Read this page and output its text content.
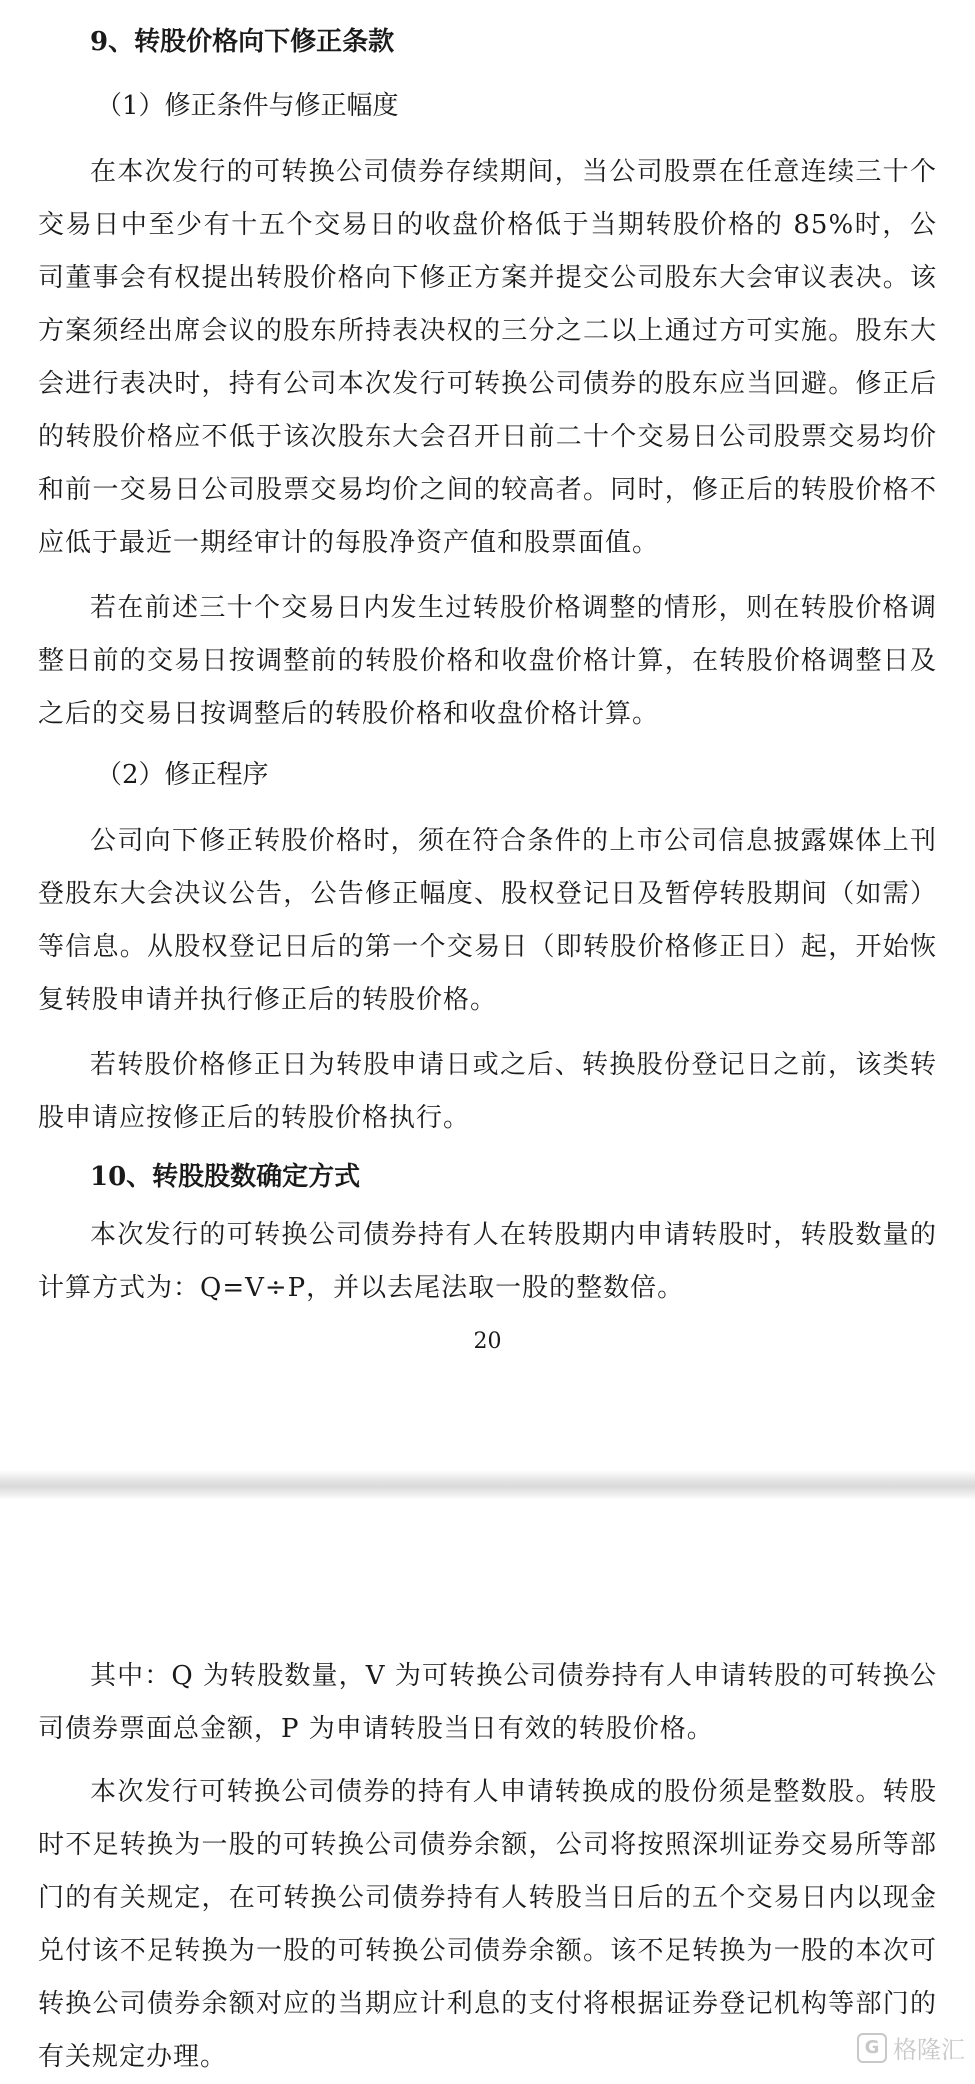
9、转股价格向下修正条款

（1）修正条件与修正幅度

在本次发行的可转换公司债券存续期间，当公司股票在任意连续三十个交易日中至少有十五个交易日的收盘价格低于当期转股价格的 85%时，公司董事会有权提出转股价格向下修正方案并提交公司股东大会审议表决。该方案须经出席会议的股东所持表决权的三分之二以上通过方可实施。股东大会进行表决时，持有公司本次发行可转换公司债券的股东应当回避。修正后的转股价格应不低于该次股东大会召开日前二十个交易日公司股票交易均价和前一交易日公司股票交易均价之间的较高者。同时，修正后的转股价格不应低于最近一期经审计的每股净资产值和股票面值。

若在前述三十个交易日内发生过转股价格调整的情形，则在转股价格调整日前的交易日按调整前的转股价格和收盘价格计算，在转股价格调整日及之后的交易日按调整后的转股价格和收盘价格计算。

（2）修正程序

公司向下修正转股价格时，须在符合条件的上市公司信息披露媒体上刊登股东大会决议公告，公告修正幅度、股权登记日及暂停转股期间（如需）等信息。从股权登记日后的第一个交易日（即转股价格修正日）起，开始恢复转股申请并执行修正后的转股价格。

若转股价格修正日为转股申请日或之后、转换股份登记日之前，该类转股申请应按修正后的转股价格执行。

10、转股股数确定方式

本次发行的可转换公司债券持有人在转股期内申请转股时，转股数量的计算方式为：Q=V÷P，并以去尾法取一股的整数倍。

20

其中：Q 为转股数量，V 为可转换公司债券持有人申请转股的可转换公司债券票面总金额，P 为申请转股当日有效的转股价格。

本次发行可转换公司债券的持有人申请转换成的股份须是整数股。转股时不足转换为一股的可转换公司债券余额，公司将按照深圳证券交易所等部门的有关规定，在可转换公司债券持有人转股当日后的五个交易日内以现金兑付该不足转换为一股的可转换公司债券余额。该不足转换为一股的本次可转换公司债券余额对应的当期应计利息的支付将根据证券登记机构等部门的有关规定办理。	G 格隆汇
